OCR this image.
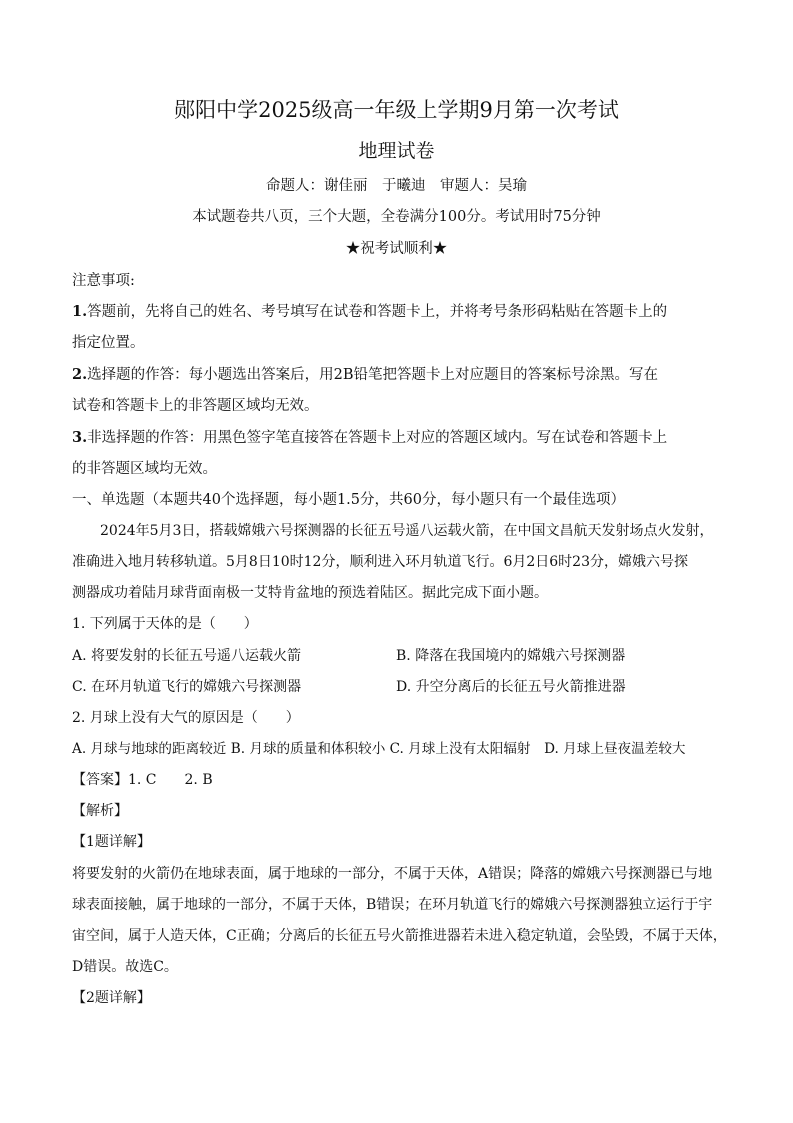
郧阳中学2025级高一年级上学期9月第一次考试
地理试卷
命题人：谢佳丽　于曦迪　审题人：吴瑜
本试题卷共八页，三个大题，全卷满分100分。考试用时75分钟
★祝考试顺利★
注意事项:
1.答题前，先将自己的姓名、考号填写在试卷和答题卡上，并将考号条形码粘贴在答题卡上的
指定位置。
2.选择题的作答：每小题选出答案后，用2B铅笔把答题卡上对应题目的答案标号涂黑。写在
试卷和答题卡上的非答题区域均无效。
3.非选择题的作答：用黑色签字笔直接答在答题卡上对应的答题区域内。写在试卷和答题卡上
的非答题区域均无效。
一、单选题（本题共40个选择题，每小题1.5分，共60分，每小题只有一个最佳选项）
2024年5月3日，搭载嫦娥六号探测器的长征五号遥八运载火箭，在中国文昌航天发射场点火发射，
准确进入地月转移轨道。5月8日10时12分，顺利进入环月轨道飞行。6月2日6时23分，嫦娥六号探
测器成功着陆月球背面南极一艾特肯盆地的预选着陆区。据此完成下面小题。
1. 下列属于天体的是（　　）
A. 将要发射的长征五号遥八运载火箭	B. 降落在我国境内的嫦娥六号探测器
C. 在环月轨道飞行的嫦娥六号探测器	D. 升空分离后的长征五号火箭推进器
2. 月球上没有大气的原因是（　　）
A. 月球与地球的距离较近 B. 月球的质量和体积较小 C. 月球上没有太阳辐射　D. 月球上昼夜温差较大
【答案】1. C　　2. B
【解析】
【1题详解】
将要发射的火箭仍在地球表面，属于地球的一部分，不属于天体，A错误；降落的嫦娥六号探测器已与地
球表面接触，属于地球的一部分，不属于天体，B错误；在环月轨道飞行的嫦娥六号探测器独立运行于宇
宙空间，属于人造天体，C正确；分离后的长征五号火箭推进器若未进入稳定轨道，会坠毁，不属于天体，
D错误。故选C。
【2题详解】
